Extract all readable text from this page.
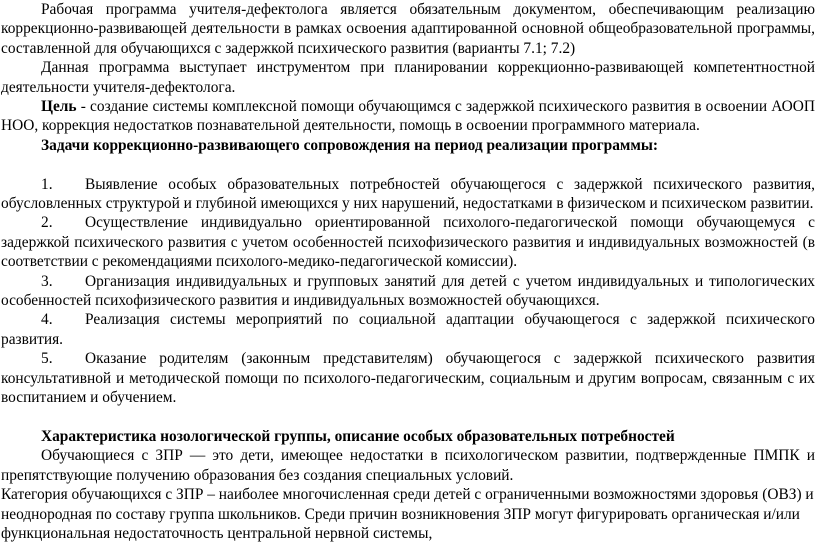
Рабочая программа учителя-дефектолога является обязательным документом, обеспечивающим реализацию коррекционно-развивающей деятельности в рамках освоения адаптированной основной общеобразовательной программы, составленной для обучающихся с задержкой психического развития (варианты 7.1; 7.2)

Данная программа выступает инструментом при планировании коррекционно-развивающей компетентностной деятельности учителя-дефектолога.

Цель - создание системы комплексной помощи обучающимся с задержкой психического развития в освоении АООП НОО, коррекция недостатков познавательной деятельности, помощь в освоении программного материала.

Задачи коррекционно-развивающего сопровождения на период реализации программы:

1. Выявление особых образовательных потребностей обучающегося с задержкой психического развития, обусловленных структурой и глубиной имеющихся у них нарушений, недостатками в физическом и психическом развитии.

2. Осуществление индивидуально ориентированной психолого-педагогической помощи обучающемуся с задержкой психического развития с учетом особенностей психофизического развития и индивидуальных возможностей (в соответствии с рекомендациями психолого-медико-педагогической комиссии).

3. Организация индивидуальных и групповых занятий для детей с учетом индивидуальных и типологических особенностей психофизического развития и индивидуальных возможностей обучающихся.

4. Реализация системы мероприятий по социальной адаптации обучающегося с задержкой психического развития.

5. Оказание родителям (законным представителям) обучающегося с задержкой психического развития консультативной и методической помощи по психолого-педагогическим, социальным и другим вопросам, связанным с их воспитанием и обучением.

Характеристика нозологической группы, описание особых образовательных потребностей

Обучающиеся с ЗПР — это дети, имеющее недостатки в психологическом развитии, подтвержденные ПМПК и препятствующие получению образования без создания специальных условий.

Категория обучающихся с ЗПР – наиболее многочисленная среди детей с ограниченными возможностями здоровья (ОВЗ) и неоднородная по составу группа школьников. Среди причин возникновения ЗПР могут фигурировать органическая и/или функциональная недостаточность центральной нервной системы,
